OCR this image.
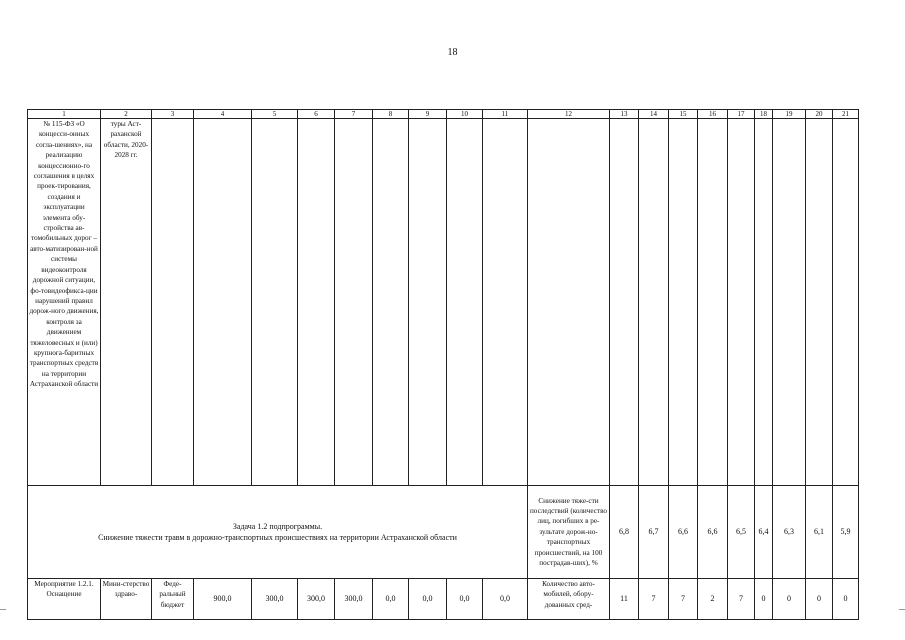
18
1	2	3	4	5	6	7	8	9	10	11	12	13	14	15	16	17	18	19	20	21
№ 115-ФЗ «О концесси-онных согла-шениях», на реализацию концессионно-го соглашения в целях проек-тирования, создания и эксплуатации элемента обу-стройства ав-томобильных дорог – авто-матизирован-ной системы видеоконтроля дорожной ситуации, фо-товидеофикса-ции нарушений правил дорож-ного движения, контроля за движением тяжеловесных и (или) крупнога-баритных транспортных средств на территории Астраханской области	туры Аст-раханской области, 2020-2028 гг.																			

Задача 1.2 подпрограммы.
Снижение тяжести травм в дорожно-транспортных происшествиях на территории Астраханской области											Снижение тяже-сти последствий (количество лиц, погибших в ре-зультате дорож-но-транспортных происшествий, на 100 пострадав-ших), %	6,8	6,7	6,6	6,6	6,5	6,4	6,3	6,1	5,9
Мероприятие 1.2.1. Оснащение	Мини-стерство здраво-	Феде-ральный бюджет	900,0	300,0	300,0	300,0	0,0	0,0	0,0	0,0	Количество авто-мобилей, обору-дованных сред-	11	7	7	2	7	0	0	0	0
